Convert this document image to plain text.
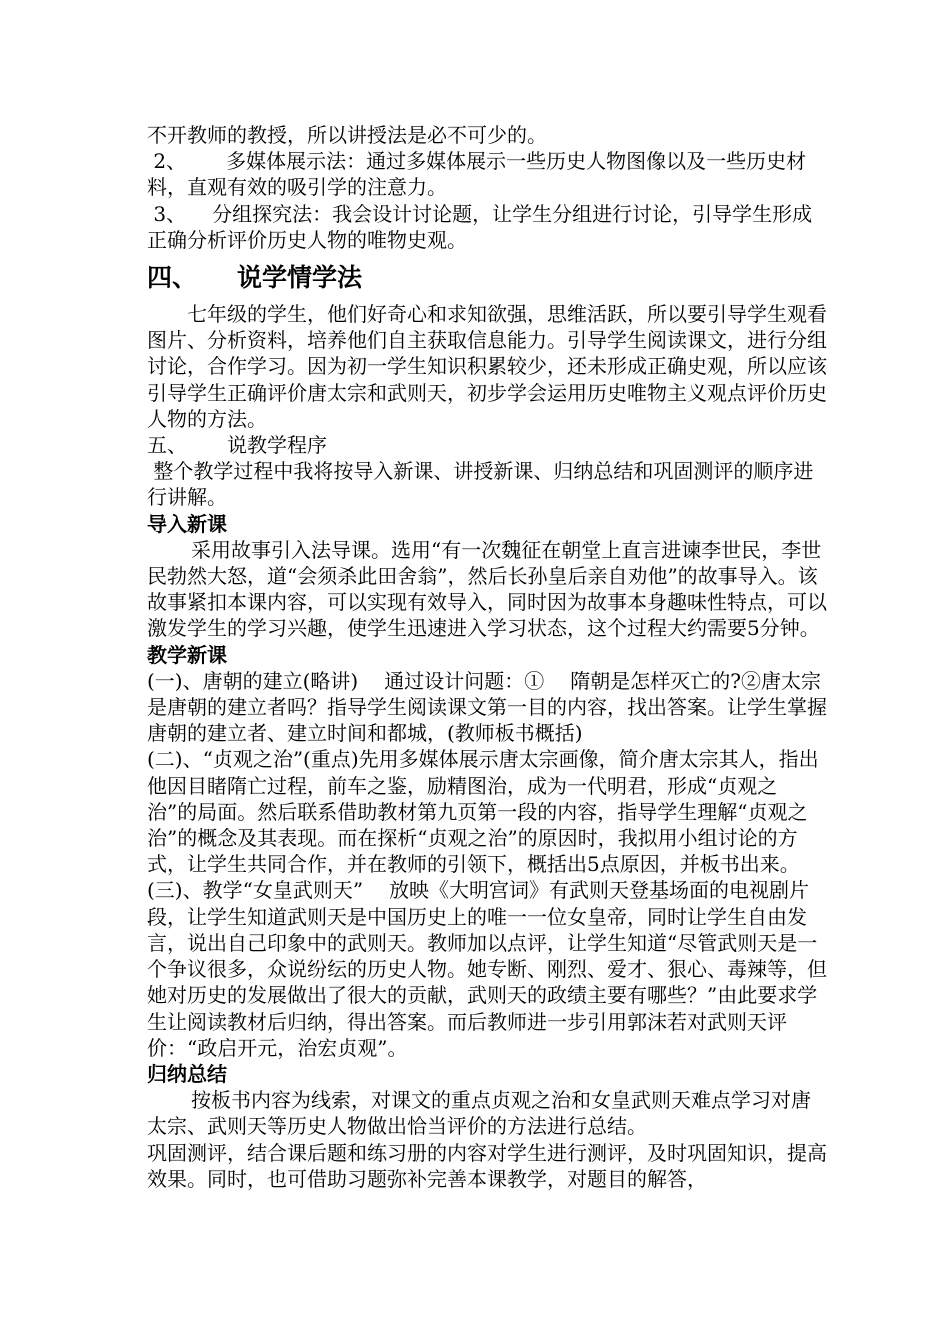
不开教师的教授，所以讲授法是必不可少的。

2、 多媒体展示法：通过多媒体展示一些历史人物图像以及一些历史材料，直观有效的吸引学的注意力。

3、 分组探究法：我会设计讨论题，让学生分组进行讨论，引导学生形成正确分析评价历史人物的唯物史观。

四、 说学情学法

七年级的学生，他们好奇心和求知欲强，思维活跃，所以要引导学生观看图片、分析资料，培养他们自主获取信息能力。引导学生阅读课文，进行分组讨论，合作学习。因为初一学生知识积累较少，还未形成正确史观，所以应该引导学生正确评价唐太宗和武则天，初步学会运用历史唯物主义观点评价历史人物的方法。

五、 说教学程序

整个教学过程中我将按导入新课、讲授新课、归纳总结和巩固测评的顺序进行讲解。

导入新课

采用故事引入法导课。选用“有一次魏征在朝堂上直言进谏李世民，李世民勃然大怒，道“会须杀此田舍翁”，然后长孙皇后亲自劝他”的故事导入。该故事紧扣本课内容，可以实现有效导入，同时因为故事本身趣味性特点，可以激发学生的学习兴趣，使学生迅速进入学习状态，这个过程大约需要5分钟。

教学新课

(一)、唐朝的建立(略讲) 通过设计问题：① 隋朝是怎样灭亡的?②唐太宗是唐朝的建立者吗？指导学生阅读课文第一目的内容，找出答案。让学生掌握唐朝的建立者、建立时间和都城，(教师板书概括)

(二)、“贞观之治”(重点)先用多媒体展示唐太宗画像，简介唐太宗其人，指出他因目睹隋亡过程，前车之鉴，励精图治，成为一代明君，形成“贞观之治”的局面。然后联系借助教材第九页第一段的内容，指导学生理解“贞观之治”的概念及其表现。而在探析“贞观之治”的原因时，我拟用小组讨论的方式，让学生共同合作，并在教师的引领下，概括出5点原因，并板书出来。

(三)、教学“女皇武则天” 放映《大明宫词》有武则天登基场面的电视剧片段，让学生知道武则天是中国历史上的唯一一位女皇帝，同时让学生自由发言，说出自己印象中的武则天。教师加以点评，让学生知道“尽管武则天是一个争议很多，众说纷纭的历史人物。她专断、刚烈、爱才、狠心、毒辣等，但她对历史的发展做出了很大的贡献，武则天的政绩主要有哪些？”由此要求学生让阅读教材后归纳，得出答案。而后教师进一步引用郭沫若对武则天评价：“政启开元，治宏贞观”。

归纳总结

按板书内容为线索，对课文的重点贞观之治和女皇武则天难点学习对唐太宗、武则天等历史人物做出恰当评价的方法进行总结。

巩固测评，结合课后题和练习册的内容对学生进行测评，及时巩固知识，提高效果。同时，也可借助习题弥补完善本课教学，对题目的解答，
